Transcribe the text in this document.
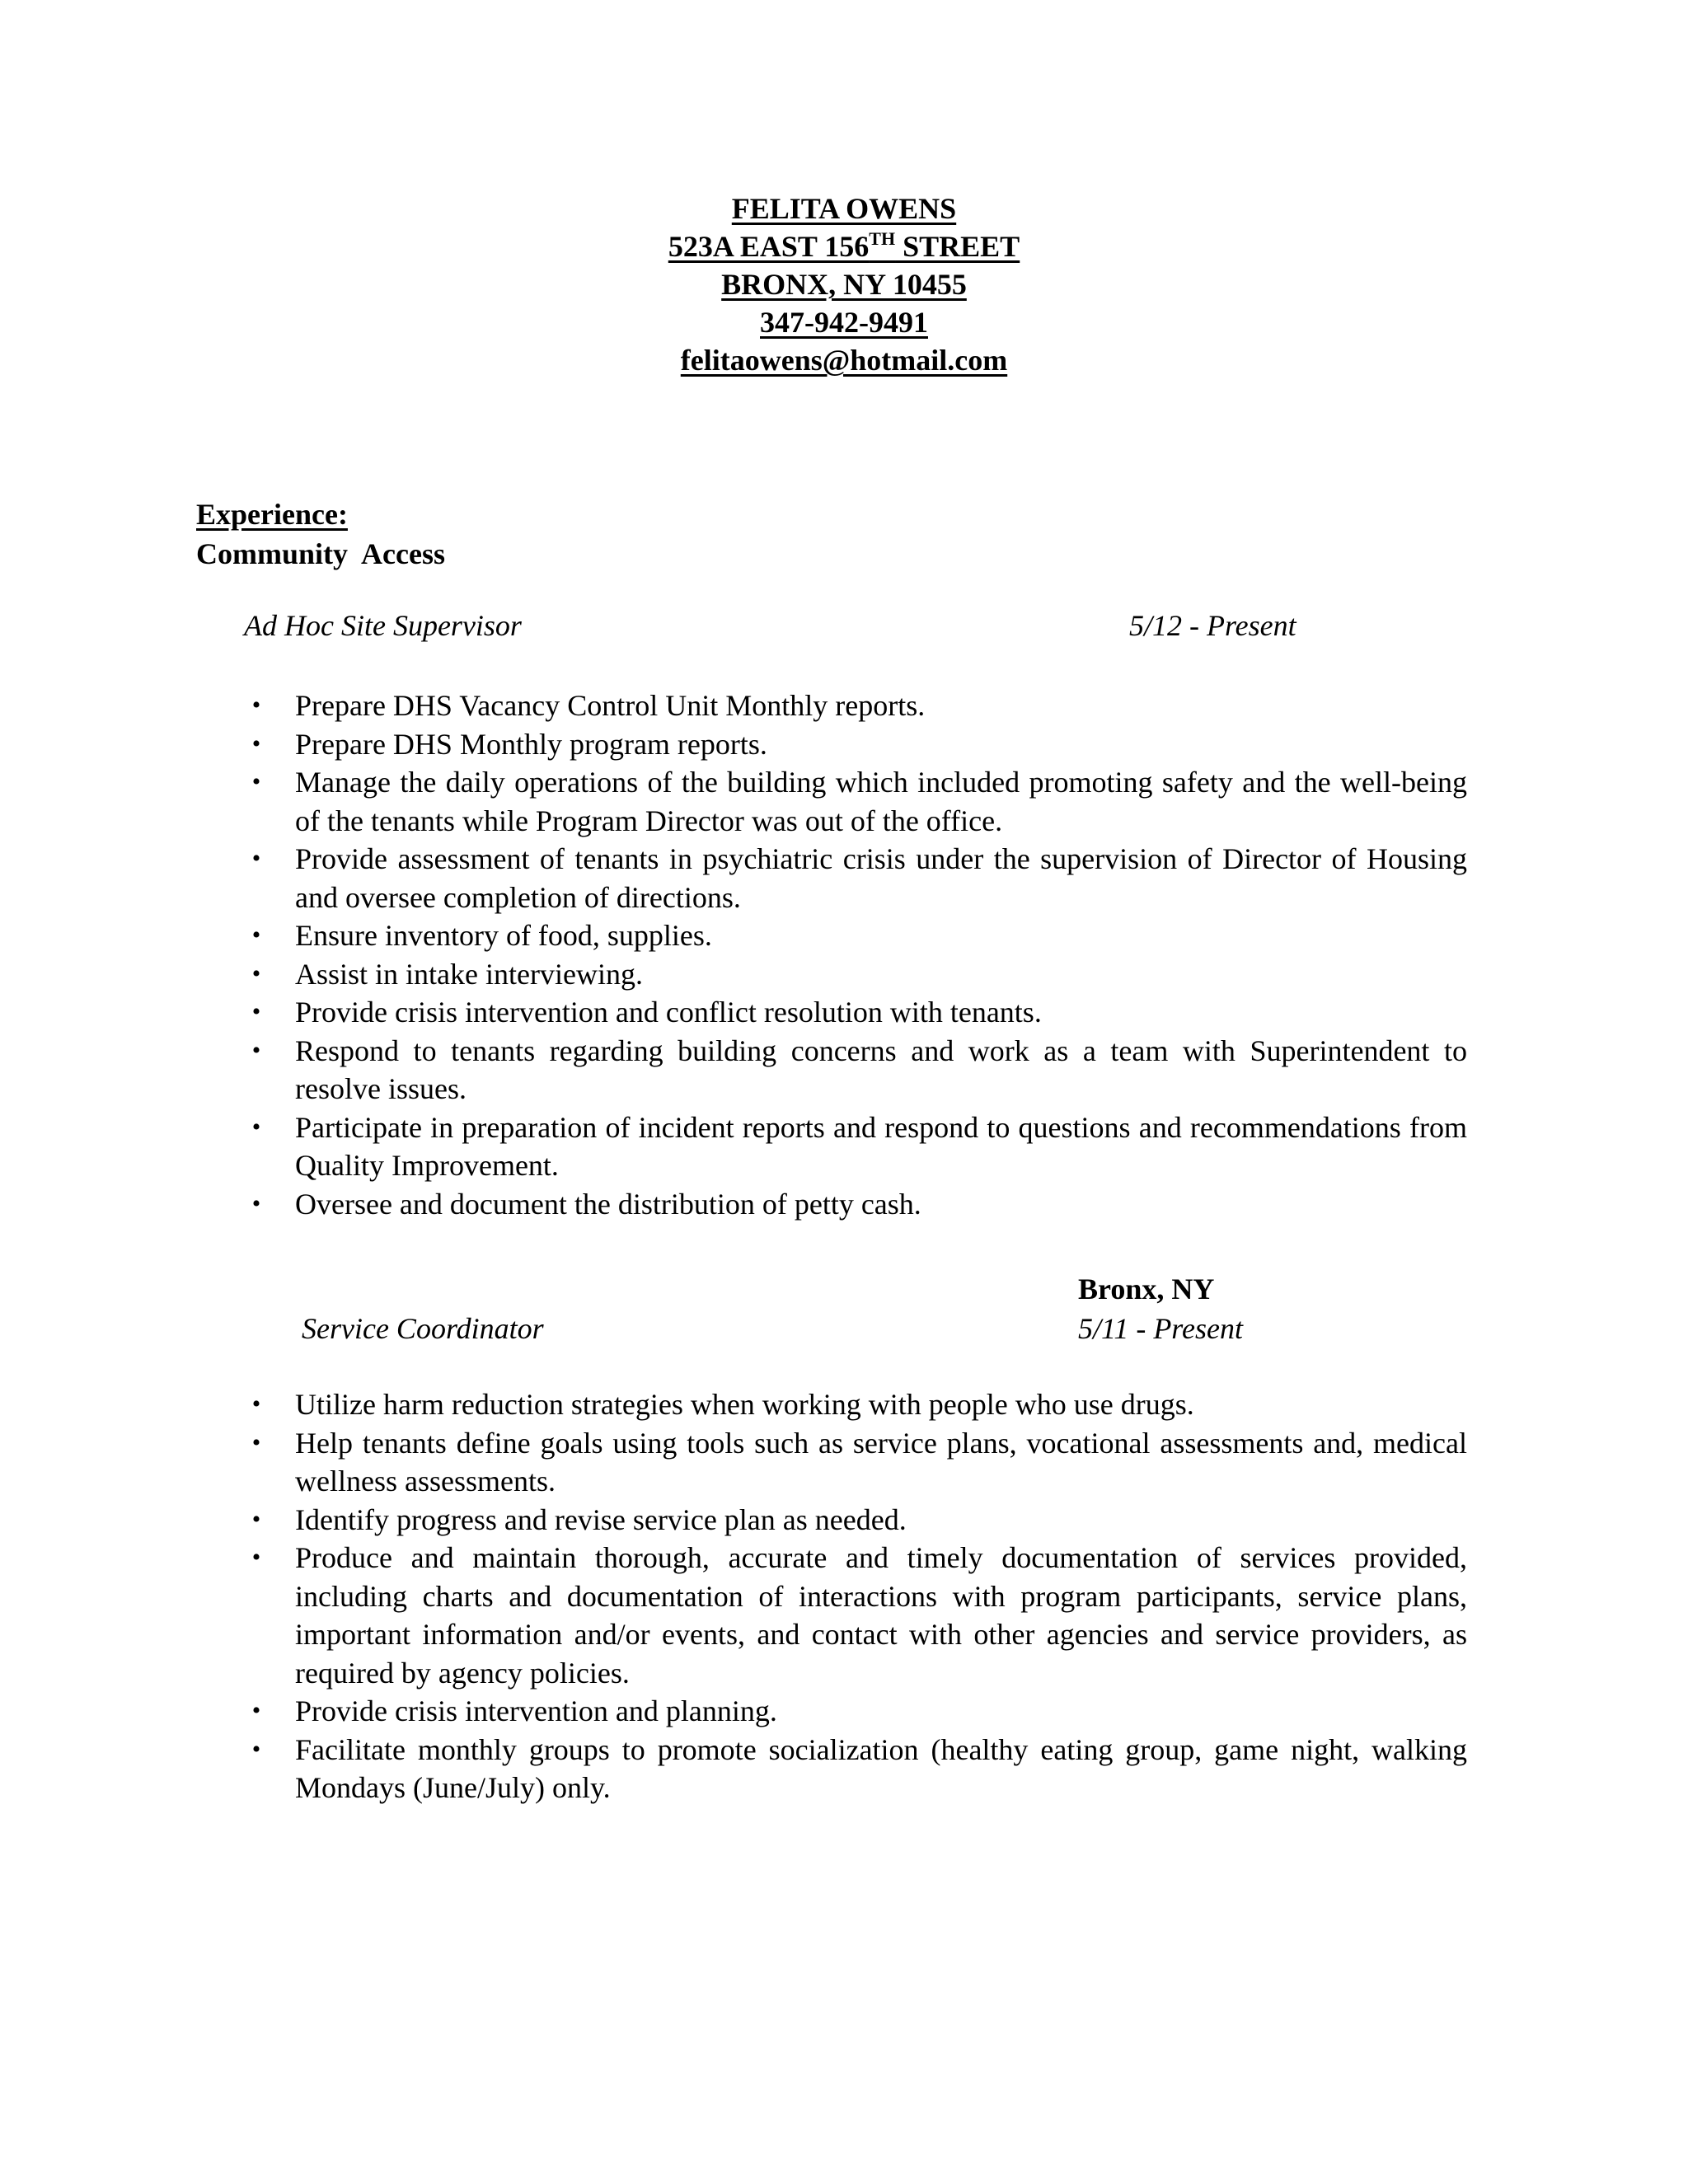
FELITA OWENS
523A EAST 156TH STREET
BRONX, NY 10455
347-942-9491
felitaowens@hotmail.com
Experience:
Community  Access
Ad Hoc Site Supervisor	5/12 - Present
• Prepare DHS Vacancy Control Unit Monthly reports.
• Prepare DHS Monthly program reports.
• Manage the daily operations of the building which included promoting safety and the well-being of the tenants while Program Director was out of the office.
• Provide assessment of tenants in psychiatric crisis under the supervision of Director of Housing and oversee completion of directions.
• Ensure inventory of food, supplies.
• Assist in intake interviewing.
• Provide crisis intervention and conflict resolution with tenants.
• Respond to tenants regarding building concerns and work as a team with Superintendent to resolve issues.
• Participate in preparation of incident reports and respond to questions and recommendations from Quality Improvement.
• Oversee and document the distribution of petty cash.
Bronx, NY
Service Coordinator	5/11 - Present
• Utilize harm reduction strategies when working with people who use drugs.
• Help tenants define goals using tools such as service plans, vocational assessments and, medical wellness assessments.
• Identify progress and revise service plan as needed.
• Produce and maintain thorough, accurate and timely documentation of services provided, including charts and documentation of interactions with program participants, service plans, important information and/or events, and contact with other agencies and service providers, as required by agency policies.
• Provide crisis intervention and planning.
• Facilitate monthly groups to promote socialization (healthy eating group, game night, walking Mondays (June/July) only.
